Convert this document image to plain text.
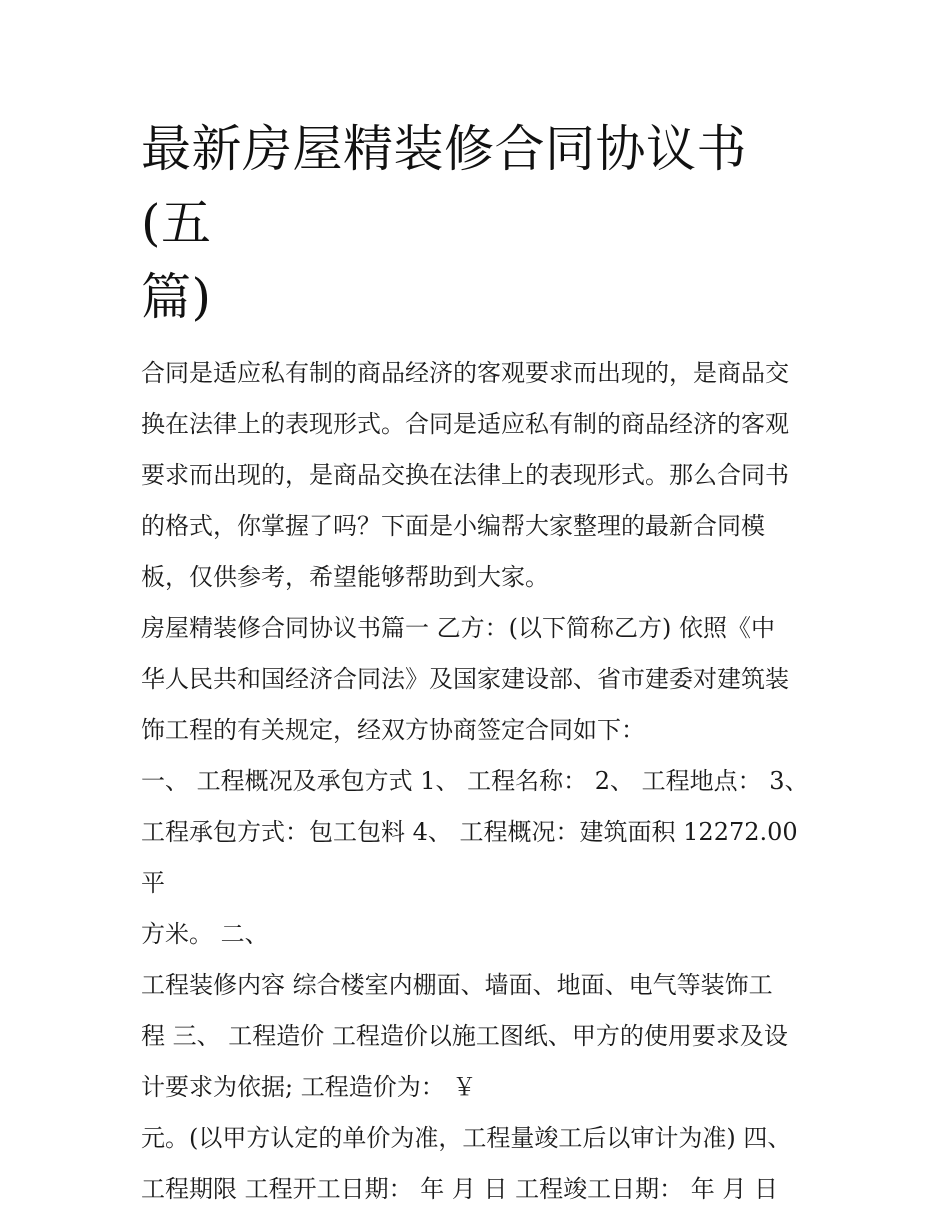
最新房屋精装修合同协议书(五
篇)
合同是适应私有制的商品经济的客观要求而出现的，是商品交
换在法律上的表现形式。合同是适应私有制的商品经济的客观
要求而出现的，是商品交换在法律上的表现形式。那么合同书
的格式，你掌握了吗？下面是小编帮大家整理的最新合同模
板，仅供参考，希望能够帮助到大家。
房屋精装修合同协议书篇一 乙方：(以下简称乙方) 依照《中
华人民共和国经济合同法》及国家建设部、省市建委对建筑装
饰工程的有关规定，经双方协商签定合同如下：
一、 工程概况及承包方式 1、 工程名称： 2、 工程地点： 3、
工程承包方式：包工包料 4、 工程概况：建筑面积 12272.00 平
方米。 二、
工程装修内容 综合楼室内棚面、墙面、地面、电气等装饰工
程 三、 工程造价 工程造价以施工图纸、甲方的使用要求及设
计要求为依据; 工程造价为： ￥
元。(以甲方认定的单价为准，工程量竣工后以审计为准) 四、
工程期限 工程开工日期： 年 月 日 工程竣工日期： 年 月 日
